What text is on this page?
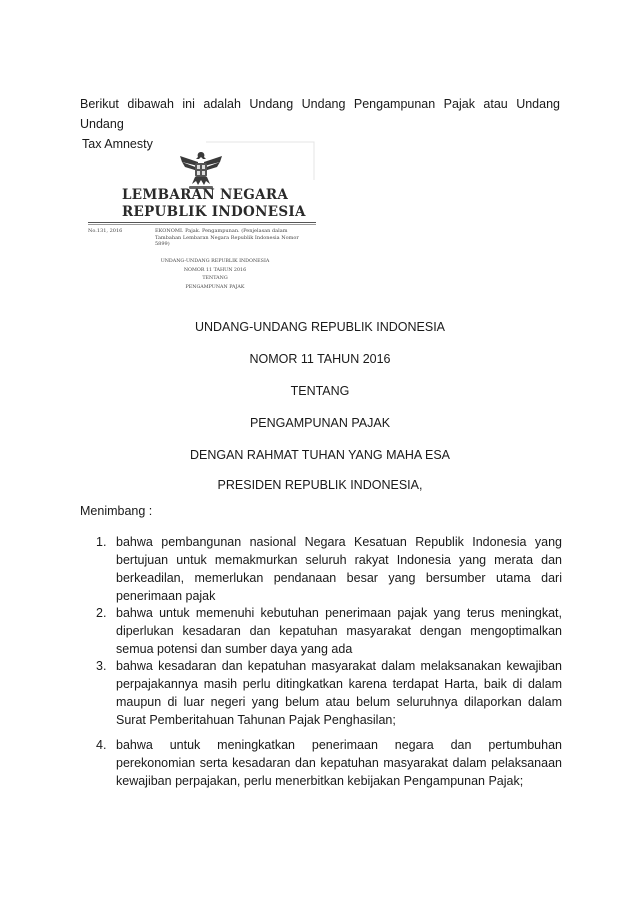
Berikut dibawah ini adalah Undang Undang Pengampunan Pajak atau Undang Undang
Tax Amnesty
LEMBARAN NEGARA
REPUBLIK INDONESIA
No.131, 2016	EKONOMI. Pajak. Pengampunan. (Penjelasan dalam Tambahan Lembaran Negara Republik Indonesia Nomor 5899)
UNDANG-UNDANG REPUBLIK INDONESIA
NOMOR 11 TAHUN 2016
TENTANG
PENGAMPUNAN PAJAK
UNDANG-UNDANG REPUBLIK INDONESIA
NOMOR 11 TAHUN 2016
TENTANG
PENGAMPUNAN PAJAK
DENGAN RAHMAT TUHAN YANG MAHA ESA
PRESIDEN REPUBLIK INDONESIA,
Menimbang :
1. bahwa pembangunan nasional Negara Kesatuan Republik Indonesia yang bertujuan untuk memakmurkan seluruh rakyat Indonesia yang merata dan berkeadilan, memerlukan pendanaan besar yang bersumber utama dari penerimaan pajak
2. bahwa untuk memenuhi kebutuhan penerimaan pajak yang terus meningkat, diperlukan kesadaran dan kepatuhan masyarakat dengan mengoptimalkan semua potensi dan sumber daya yang ada
3. bahwa kesadaran dan kepatuhan masyarakat dalam melaksanakan kewajiban perpajakannya masih perlu ditingkatkan karena terdapat Harta, baik di dalam maupun di luar negeri yang belum atau belum seluruhnya dilaporkan dalam Surat Pemberitahuan Tahunan Pajak Penghasilan;
4. bahwa untuk meningkatkan penerimaan negara dan pertumbuhan perekonomian serta kesadaran dan kepatuhan masyarakat dalam pelaksanaan kewajiban perpajakan, perlu menerbitkan kebijakan Pengampunan Pajak;
